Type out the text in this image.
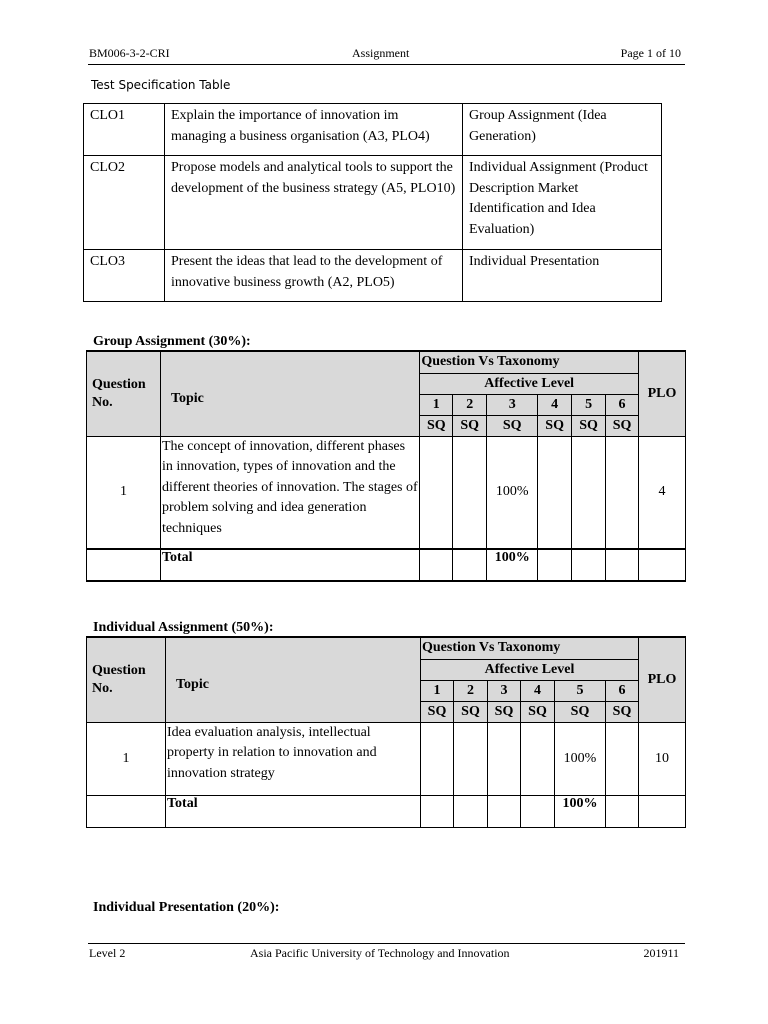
BM006-3-2-CRI	Assignment	Page 1 of 10
Test Specification Table
CLO1	Explain the importance of innovation im managing a business organisation (A3, PLO4)	Group Assignment (Idea Generation)
CLO2	Propose models and analytical tools to support the development of the business strategy (A5, PLO10)	Individual Assignment (Product Description Market Identification and Idea Evaluation)
CLO3	Present the ideas that lead to the development of innovative business growth (A2, PLO5)	Individual Presentation
Group Assignment (30%):
Question No.	Topic	Question Vs Taxonomy						PLO
		Affective Level						
		1	2	3	4	5	6	
		SQ	SQ	SQ	SQ	SQ	SQ	
1	The concept of innovation, different phases in innovation, types of innovation and the different theories of innovation. The stages of problem solving and idea generation techniques			100%				4
	Total			100%				
Individual Assignment (50%):
Question No.	Topic	Question Vs Taxonomy						PLO
		Affective Level						
		1	2	3	4	5	6	
		SQ	SQ	SQ	SQ	SQ	SQ	
1	Idea evaluation analysis, intellectual property in relation to innovation and innovation strategy					100%		10
	Total					100%		
Individual Presentation (20%):
Level 2	Asia Pacific University of Technology and Innovation	201911
